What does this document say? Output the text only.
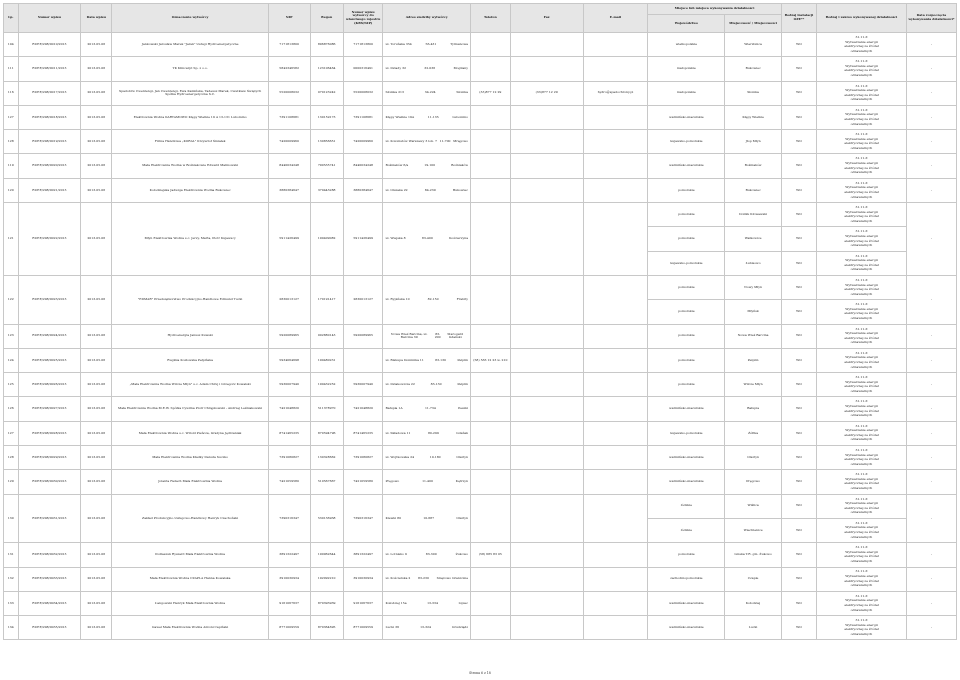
Lp.	Numer wpisu	Data wpisu	Oznaczenie wytwórcy	NIP	Regon	Numer wpisu wytwórcy do właściwego rejestru (KRS/NIP)	Adres siedziby wytwórcy	Telefon	Fax	E-mail	Miejsce lub miejsca wykonywania działalności		Rodzaj instalacji OZE**	Rodzaj i zakres wykonywanej działalności	Data rozpoczęcia wykonywania działalności*
											Województwo	Miejscowość / Miejscowości			
104	RUEE/298/0010/2013	2013-05-06	Jankowski Jarosław Marek "Jarek" Usługi Hydroenergetyczne	7171813800	896876086	7171813800	ul. Toruńska 354 56-431 Tylmanowa				wielkopolskie	Wierzbnica	WO	31.11.Z
Wytwarzanie energii
elektrycznej ze źródeł
odnawialnych	-
111	RUEE/298/0011/2013	2013-05-06	TK Klincarpt Sp. z o.o.	5842346582	123106464	0000316491	ul. Dziady 32 32-036 Mogilany				małopolskie	Bukowiec	WO	31.11.Z
Wytwarzanie energii
elektrycznej ze źródeł
odnawialnych	-
116	RUEE/298/0017/2013	2013-05-06	Spadobrw Cwentengi, Jan Cwentengi, Ewa Kamińska, Tadeusz Marek, Cwetkiew Świętych Spółka Hydroenergetyczna S.C.	5520008032	070123242	5520008032	Słomka 213 34-224 Słomka	(33)877 12 29	(33)877 12 29	hydro@spadochrony.pl	małopolskie	Słomka	WO	31.11.Z
Wytwarzanie energii
elektrycznej ze źródeł
odnawialnych	-
127	RUEE/298/0018/2013	2013-05-06	Elektrownia Wodna KARTAMOWO Kłępy Wielkie 19 A 13-131 Lubomino	7391108681	130159173	7391108681	Kłępy Wielkie 19A 11-135 Lubomino				warmińsko-mazurskie	Kłępy Wielkie	WO	31.11.Z
Wytwarzanie energii
elektrycznej ze źródeł
odnawialnych	-
128	RUEE/298/0019/2013	2013-05-06	Firma Handlowa „KORAL" Krzysztof Śmiałek	7420009960	130856651	7420009960	ul. Kolonistów Warszawy 3 lok. 7 11-700 Mrągowo				kujawsko-pomorskie	Jłop Młyn	WO	31.11.Z
Wytwarzanie energii
elektrycznej ze źródeł
odnawialnych	-
119	RUEE/298/0020/2013	2013-05-06	Mała Elektrownia Wodna w Bośniakowie Edward Malinowski	8440034248	790535741	8440034248	Bośniaków 6/a 19-100 Bośniaków				warmińsko-mazurskie	Bośniaków	WO	31.11.Z
Wytwarzanie energii
elektrycznej ze źródeł
odnawialnych	-
120	RUEE/298/0021/2013	2013-05-06	Kołodziejska Jadwiga Elektrownia Wodna Bukowiec	3880384647	370443288	3880384647	ul. Olszaka 22 84-239 Bukowiec				pomorskie	Bukowiec	WO	31.11.Z
Wytwarzanie energii
elektrycznej ze źródeł
odnawialnych	-
121	RUEE/298/0022/2013	2013-05-06	Młyn Elektrownia Wodna s.c. Jerzy, Marta, Piotr Kujawscy	5911426499	190409082	5911426499	ul. Wiejska 8 83-400 Kościerzyna				pomorskie	Dolnik Kłowawski	WO	31.11.Z
Wytwarzanie energii
elektrycznej ze źródeł
odnawialnych	-
											pomorskie	Walkowice	WO	31.11.Z
Wytwarzanie energii
elektrycznej ze źródeł
odnawialnych	

											kujawsko-pomorskie	Łubisowo	WO	31.11.Z
Wytwarzanie energii
elektrycznej ze źródeł
odnawialnych	

122	RUEE/298/0023/2013	2013-05-06	"EDMAR" Przedsiębiorstwo Produkcyjno-Handlowe Edmund Tucki	2830013127	170191417	2830013127	ul. Rypińska 10 82-150 Frabity				pomorskie	Nowy Młyn	WO	31.11.Z
Wytwarzanie energii
elektrycznej ze źródeł
odnawialnych	-
											pomorskie	Młyńsk	WO	31.11.Z
Wytwarzanie energii
elektrycznej ze źródeł
odnawialnych	

123	RUEE/298/0024/2013	2013-05-06	Hydroenergia Janusz Kuwski	5920089965	002880143	5920089965	Nowa Wieś Barcina, ul. Barcina 39
83-200
Starogard Gdański				pomorskie	Nowa Wieś Barcina	WO	31.11.Z
Wytwarzanie energii
elektrycznej ze źródeł
odnawialnych	-
124	RUEE/298/0025/2013	2013-05-06	Ruginia Kozłowska Pełpińska	5934064698	190480231		ul. Biskupa Dominika 11 83-130 Pelplin	(58) 536 12 23 w. 210			pomorskie	Pelplin	WO	31.11.Z
Wytwarzanie energii
elektrycznej ze źródeł
odnawialnych	-
125	RUEE/298/0026/2013	2013-05-06	„Mała Elektrownia Wodna Wilcze Młyn" s.c. Adam Chruj i Grzegorz Kowalski	5930007940	190432252	5930007940	ul. Dziakowicza 22 83-130 Pelplin				pomorskie	Wilcze Młyn	WO	31.11.Z
Wytwarzanie energii
elektrycznej ze źródeł
odnawialnych	-
126	RUEE/298/0027/2013	2013-05-06	Mała Elektrownia Wodna M.E.W. Spółka Cywilna Piotr Chrąpkowski - Andrzej Leśniakowski	7421048820	511378970	7421048820	Bałupia 1A 11-734 Peszki				warmińsko-mazurskie	Bałupia	WO	31.11.Z
Wytwarzanie energii
elektrycznej ze źródeł
odnawialnych	-
127	RUEE/298/0028/2013	2013-05-06	Mała Elektrownia Wodna s.c. Witold Pieńcza, Grażyna Jędrzaniak	8741465235	870594796	8741465235	ul. Składowa 11 80-299 Gdańsk				kujawsko-pomorskie	Żółtka	WO	31.11.Z
Wytwarzanie energii
elektrycznej ze źródeł
odnawialnych	-
128	RUEE/298/0029/2013	2013-05-06	Mała Elektrownia Wodna Kładky Danuta Suczko	7391080827	130328662	7391080827	ul. Wojtkowska 24 10-180 Olsztyn				warmińsko-mazurskie	Olsztyn	WO	31.11.Z
Wytwarzanie energii
elektrycznej ze źródeł
odnawialnych	-
129	RUEE/298/0030/2013	2013-05-06	Jolanta Fadach Mała Elektrownia Wodna	7421059580	510567667	7421059580	Pręgowo 11-400 Kętrzyn				warmińsko-mazurskie	Pręgowo	WO	31.11.Z
Wytwarzanie energii
elektrycznej ze źródeł
odnawialnych	-
130	RUEE/298/0031/2013	2013-05-06	Zakład Produkcyjno-Usługowo-Handlowy Henryk Czachoński	7390316347	530136938	7390316347	Klewki 80 10-687 Olsztyn				łódzkie	Wiślica	WO	31.11.Z
Wytwarzanie energii
elektrycznej ze źródeł
odnawialnych	-
											łódzkie	Wiechlenice	WO	31.11.Z
Wytwarzanie energii
elektrycznej ze źródeł
odnawialnych	

131	RUEE/298/0032/2013	2013-05-06	Podlaszuk Ryszard Mała Elektrownia Wodna	3891322497	190962644	3891322497	ul. Lotnisko 9 83-300 Żukowo	(58) 685 83 05			pomorskie	Lniska T.R. gm. Żukowo	WO	31.11.Z
Wytwarzanie energii
elektrycznej ze źródeł
odnawialnych	-
132	RUEE/298/0033/2013	2013-05-06	Mała Elektrownia Wodna CZAPLA Hanna Kowalska	3910030934	192092210	3910030934	ul. Kościerska 2 83-230 Smętowo Graniczne				zachodniopomorskie	Czaple	WO	31.11.Z
Wytwarzanie energii
elektrycznej ze źródeł
odnawialnych	-
133	RUEE/298/0034/2013	2013-05-06	Łangowski Henryk Mała Elektrownia Wodna	9161067637	870393939	9161067637	Kołodziej 15a 13-334 Lipiec				warmińsko-mazurskie	Kołodziej	WO	31.11.Z
Wytwarzanie energii
elektrycznej ze źródeł
odnawialnych	-
134	RUEE/298/0035/2013	2013-05-06	Gawel Mała Elektrownia Wodna Antoni Capiński	8771009559	870364695	8771009559	Lucki 36 13-324 Grudziądz				warmińsko-mazurskie	Lucki	WO	31.11.Z
Wytwarzanie energii
elektrycznej ze źródeł
odnawialnych	-
Strona 6 z 18
